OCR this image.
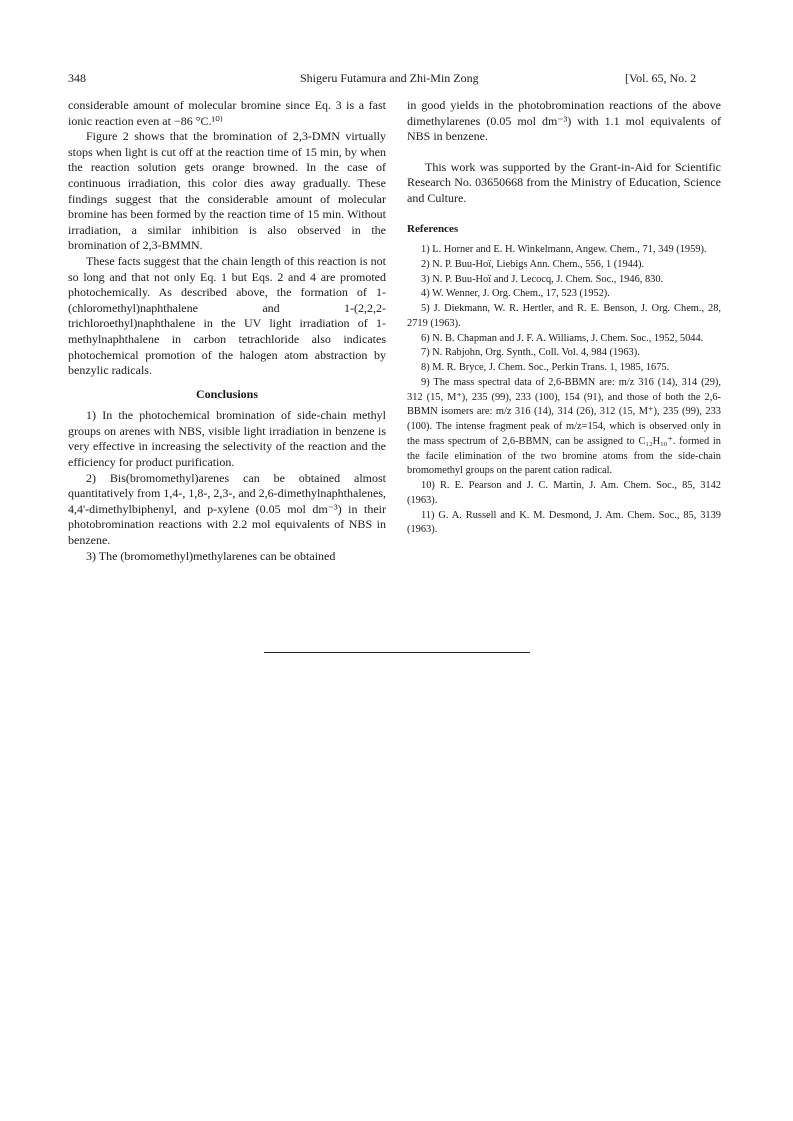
348	Shigeru Futamura and Zhi-Min Zong	[Vol. 65, No. 2

considerable amount of molecular bromine since Eq. 3 is a fast ionic reaction even at −86 °C.¹⁰⁾

Figure 2 shows that the bromination of 2,3-DMN virtually stops when light is cut off at the reaction time of 15 min, by when the reaction solution gets orange browned. In the case of continuous irradiation, this color dies away gradually. These findings suggest that the considerable amount of molecular bromine has been formed by the reaction time of 15 min. Without irradiation, a similar inhibition is also observed in the bromination of 2,3-BMMN.

These facts suggest that the chain length of this reaction is not so long and that not only Eq. 1 but Eqs. 2 and 4 are promoted photochemically. As described above, the formation of 1-(chloromethyl)naphthalene and 1-(2,2,2-trichloroethyl)naphthalene in the UV light irradiation of 1-methylnaphthalene in carbon tetrachloride also indicates photochemical promotion of the halogen atom abstraction by benzylic radicals.

Conclusions

1) In the photochemical bromination of side-chain methyl groups on arenes with NBS, visible light irradiation in benzene is very effective in increasing the selectivity of the reaction and the efficiency for product purification.

2) Bis(bromomethyl)arenes can be obtained almost quantitatively from 1,4-, 1,8-, 2,3-, and 2,6-dimethylnaphthalenes, 4,4'-dimethylbiphenyl, and p-xylene (0.05 mol dm⁻³) in their photobromination reactions with 2.2 mol equivalents of NBS in benzene.

3) The (bromomethyl)methylarenes can be obtained

in good yields in the photobromination reactions of the above dimethylarenes (0.05 mol dm⁻³) with 1.1 mol equivalents of NBS in benzene.

This work was supported by the Grant-in-Aid for Scientific Research No. 03650668 from the Ministry of Education, Science and Culture.

References

1) L. Horner and E. H. Winkelmann, Angew. Chem., 71, 349 (1959).

2) N. P. Buu-Hoï, Liebigs Ann. Chem., 556, 1 (1944).

3) N. P. Buu-Hoï and J. Lecocq, J. Chem. Soc., 1946, 830.

4) W. Wenner, J. Org. Chem., 17, 523 (1952).

5) J. Diekmann, W. R. Hertler, and R. E. Benson, J. Org. Chem., 28, 2719 (1963).

6) N. B. Chapman and J. F. A. Williams, J. Chem. Soc., 1952, 5044.

7) N. Rabjohn, Org. Synth., Coll. Vol. 4, 984 (1963).

8) M. R. Bryce, J. Chem. Soc., Perkin Trans. 1, 1985, 1675.

9) The mass spectral data of 2,6-BBMN are: m/z 316 (14), 314 (29), 312 (15, M⁺), 235 (99), 233 (100), 154 (91), and those of both the 2,6-BBMN isomers are: m/z 316 (14), 314 (26), 312 (15, M⁺), 235 (99), 233 (100). The intense fragment peak of m/z=154, which is observed only in the mass spectrum of 2,6-BBMN, can be assigned to C₁₂H₁₀⁺. formed in the facile elimination of the two bromine atoms from the side-chain bromomethyl groups on the parent cation radical.

10) R. E. Pearson and J. C. Martin, J. Am. Chem. Soc., 85, 3142 (1963).

11) G. A. Russell and K. M. Desmond, J. Am. Chem. Soc., 85, 3139 (1963).
